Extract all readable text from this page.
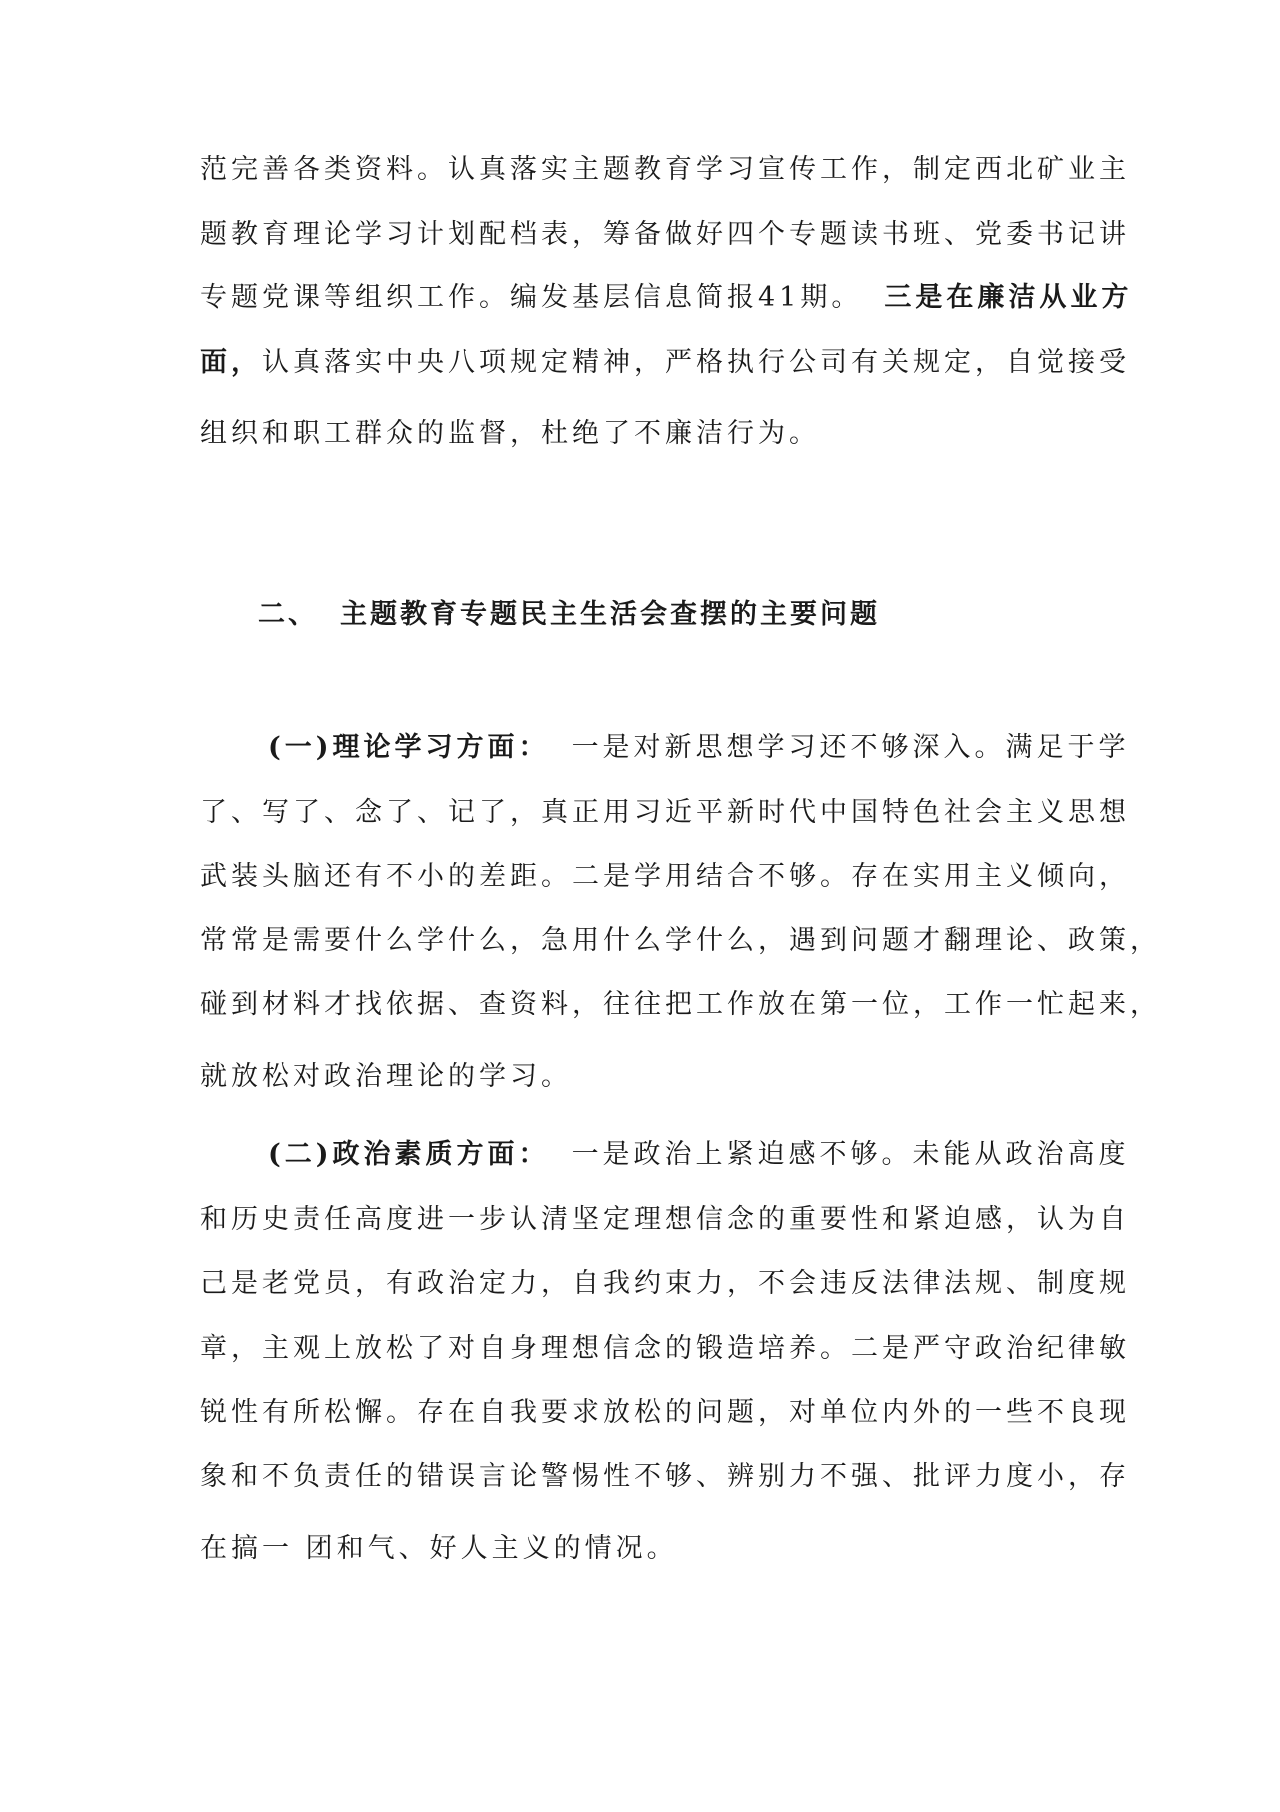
范完善各类资料。认真落实主题教育学习宣传工作，制定西北矿业主
题教育理论学习计划配档表，筹备做好四个专题读书班、党委书记讲
专题党课等组织工作。编发基层信息简报41期。 三是在廉洁从业方
面，认真落实中央八项规定精神，严格执行公司有关规定，自觉接受
组织和职工群众的监督，杜绝了不廉洁行为。
二、 主题教育专题民主生活会查摆的主要问题
(一)理论学习方面： 一是对新思想学习还不够深入。满足于学
了、写了、念了、记了，真正用习近平新时代中国特色社会主义思想
武装头脑还有不小的差距。二是学用结合不够。存在实用主义倾向，
常常是需要什么学什么，急用什么学什么，遇到问题才翻理论、政策，
碰到材料才找依据、查资料，往往把工作放在第一位，工作一忙起来，
就放松对政治理论的学习。
(二)政治素质方面： 一是政治上紧迫感不够。未能从政治高度
和历史责任高度进一步认清坚定理想信念的重要性和紧迫感，认为自
己是老党员，有政治定力，自我约束力，不会违反法律法规、制度规
章，主观上放松了对自身理想信念的锻造培养。二是严守政治纪律敏
锐性有所松懈。存在自我要求放松的问题，对单位内外的一些不良现
象和不负责任的错误言论警惕性不够、辨别力不强、批评力度小，存
在搞一 团和气、好人主义的情况。
